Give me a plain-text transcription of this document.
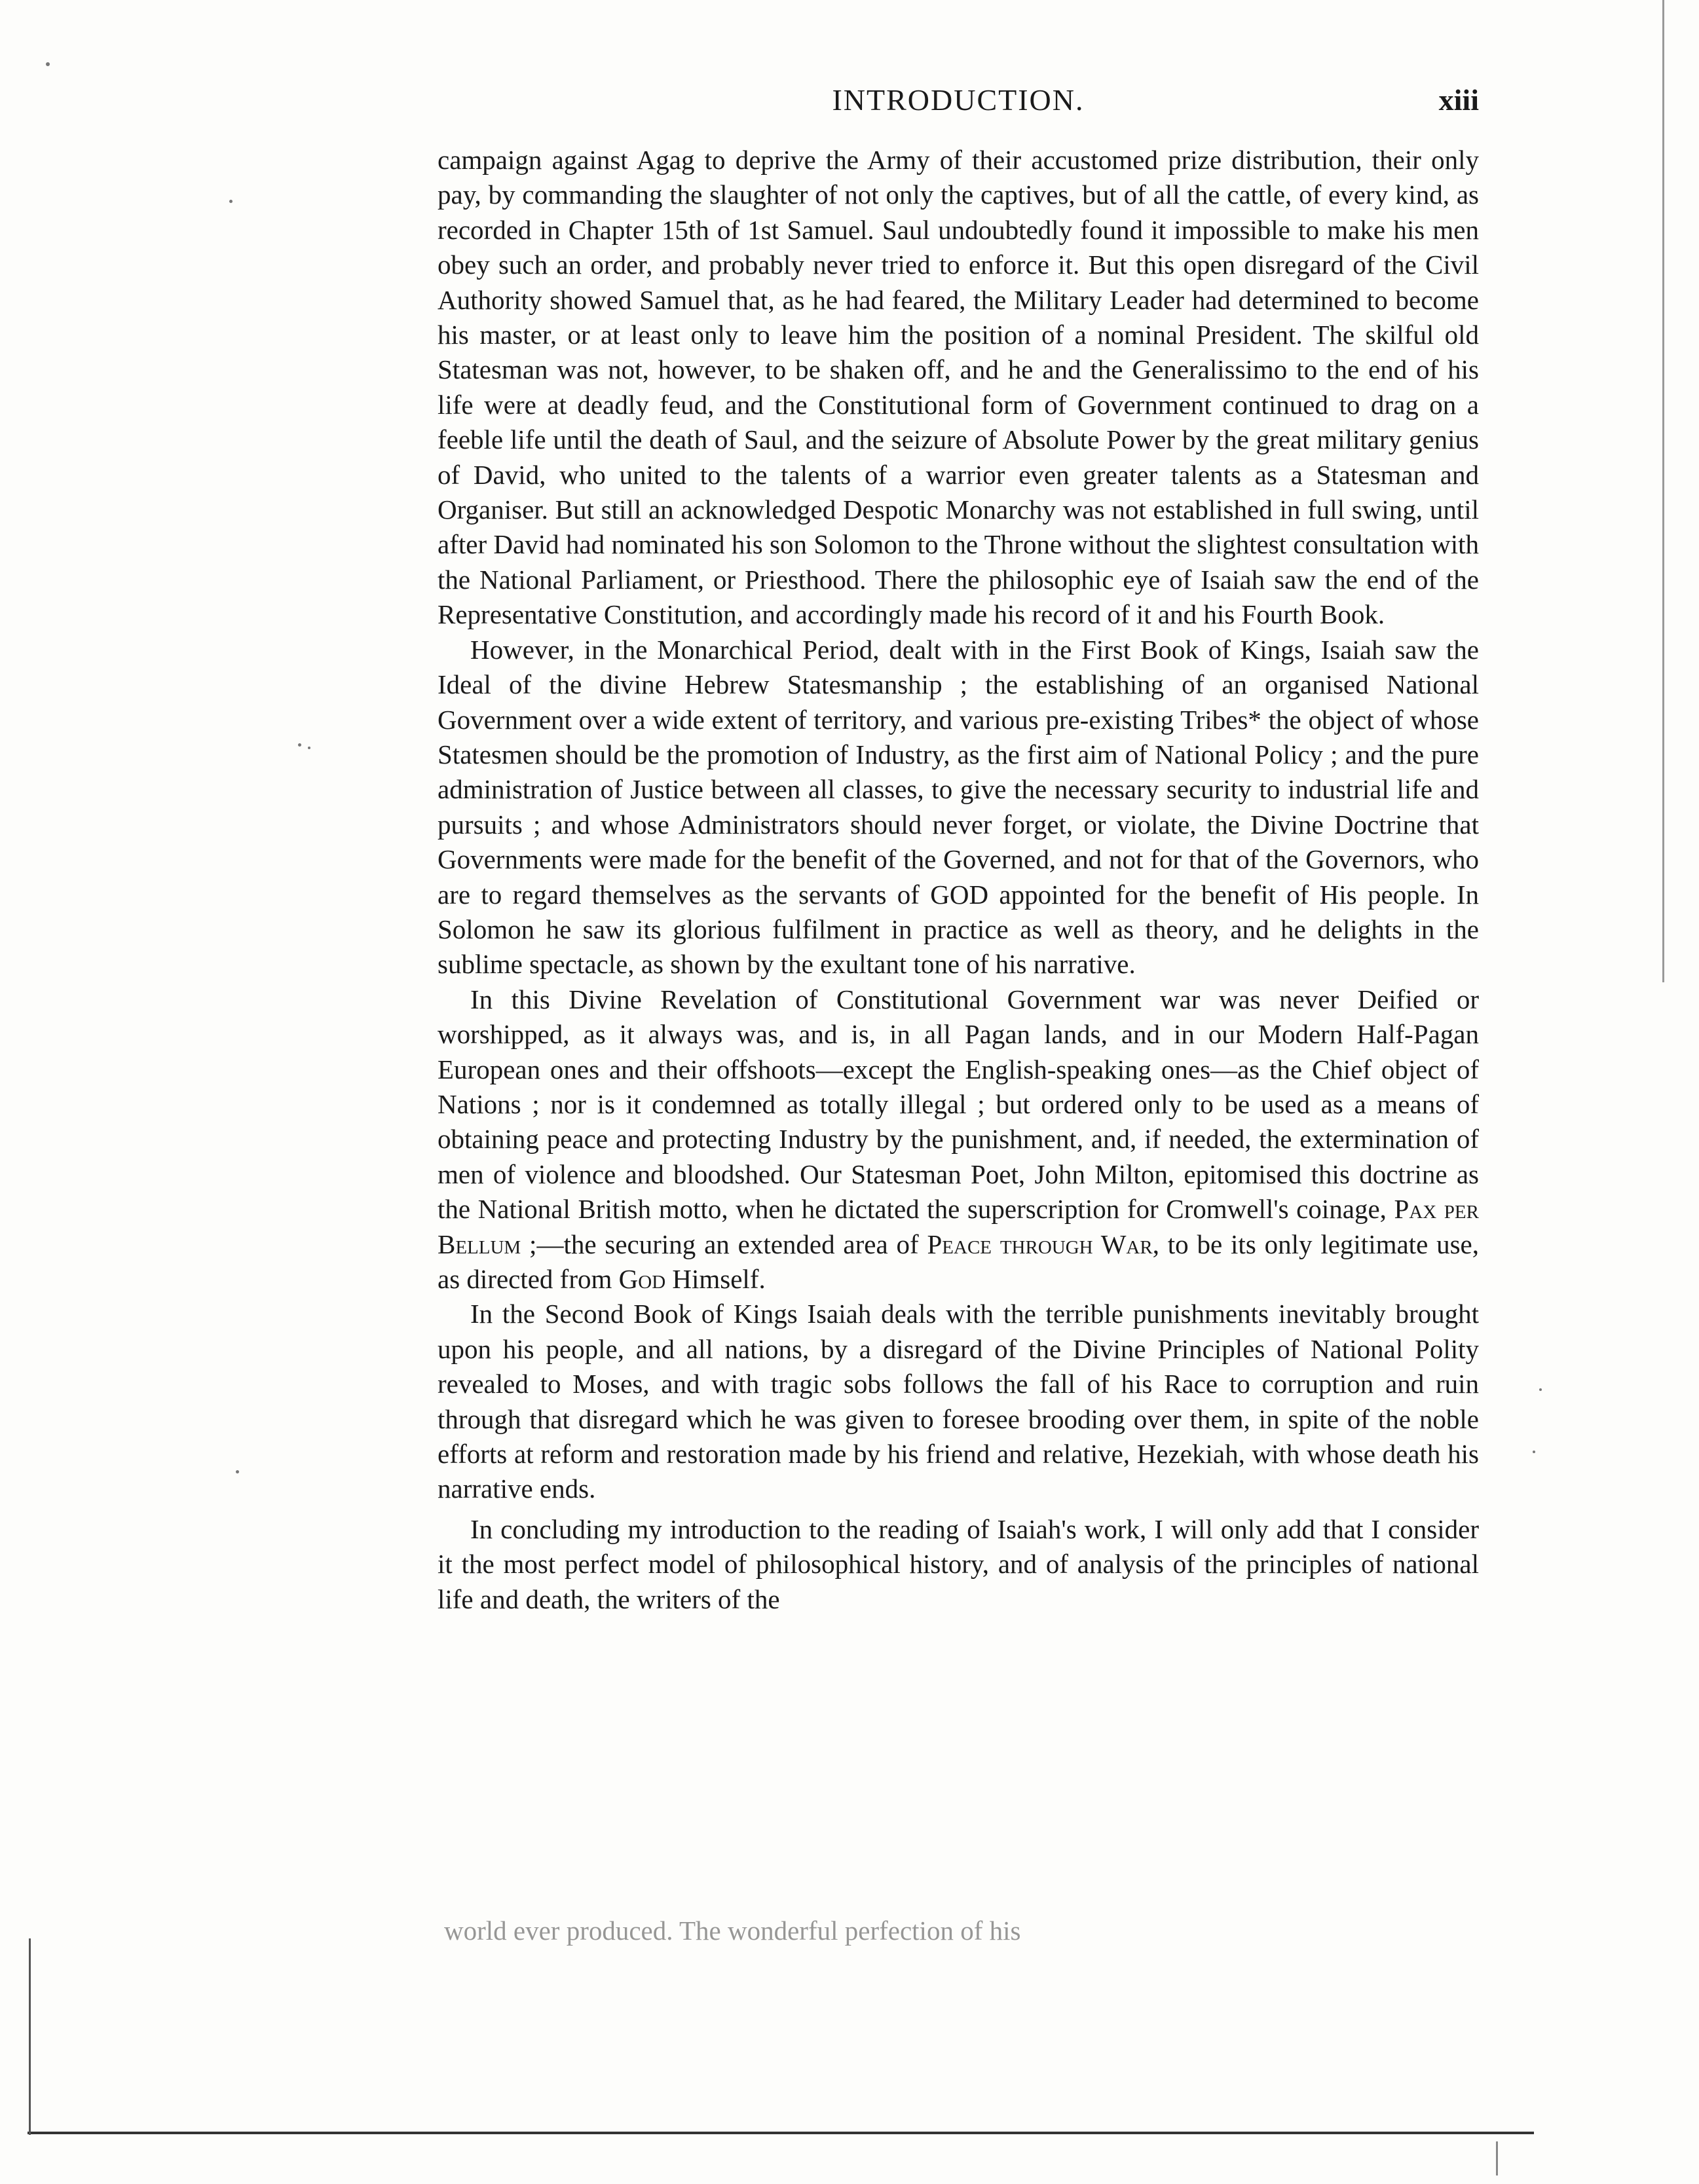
INTRODUCTION.	xiii

campaign against Agag to deprive the Army of their accustomed prize distribution, their only pay, by commanding the slaughter of not only the captives, but of all the cattle, of every kind, as recorded in Chapter 15th of 1st Samuel. Saul undoubtedly found it impossible to make his men obey such an order, and probably never tried to enforce it. But this open disregard of the Civil Authority showed Samuel that, as he had feared, the Military Leader had determined to become his master, or at least only to leave him the position of a nominal President. The skilful old Statesman was not, however, to be shaken off, and he and the Generalissimo to the end of his life were at deadly feud, and the Constitutional form of Government continued to drag on a feeble life until the death of Saul, and the seizure of Absolute Power by the great military genius of David, who united to the talents of a warrior even greater talents as a Statesman and Organiser. But still an acknowledged Despotic Monarchy was not established in full swing, until after David had nominated his son Solomon to the Throne without the slightest consultation with the National Parliament, or Priesthood. There the philosophic eye of Isaiah saw the end of the Representative Constitution, and accordingly made his record of it and his Fourth Book.

However, in the Monarchical Period, dealt with in the First Book of Kings, Isaiah saw the Ideal of the divine Hebrew Statesmanship ; the establishing of an organised National Government over a wide extent of territory, and various pre-existing Tribes* the object of whose Statesmen should be the promotion of Industry, as the first aim of National Policy ; and the pure administration of Justice between all classes, to give the necessary security to industrial life and pursuits ; and whose Administrators should never forget, or violate, the Divine Doctrine that Governments were made for the benefit of the Governed, and not for that of the Governors, who are to regard themselves as the servants of GOD appointed for the benefit of His people. In Solomon he saw its glorious fulfilment in practice as well as theory, and he delights in the sublime spectacle, as shown by the exultant tone of his narrative.

In this Divine Revelation of Constitutional Government war was never Deified or worshipped, as it always was, and is, in all Pagan lands, and in our Modern Half-Pagan European ones and their offshoots—except the English-speaking ones—as the Chief object of Nations ; nor is it condemned as totally illegal ; but ordered only to be used as a means of obtaining peace and protecting Industry by the punishment, and, if needed, the extermination of men of violence and bloodshed. Our Statesman Poet, John Milton, epitomised this doctrine as the National British motto, when he dictated the superscription for Cromwell's coinage, Pax per Bellum ;—the securing an extended area of Peace through War, to be its only legitimate use, as directed from God Himself.

In the Second Book of Kings Isaiah deals with the terrible punishments inevitably brought upon his people, and all nations, by a disregard of the Divine Principles of National Polity revealed to Moses, and with tragic sobs follows the fall of his Race to corruption and ruin through that disregard which he was given to foresee brooding over them, in spite of the noble efforts at reform and restoration made by his friend and relative, Hezekiah, with whose death his narrative ends.

In concluding my introduction to the reading of Isaiah's work, I will only add that I consider it the most perfect model of philosophical history, and of analysis of the principles of national life and death, the writers of the

world ever produced. The wonderful perfection of his
